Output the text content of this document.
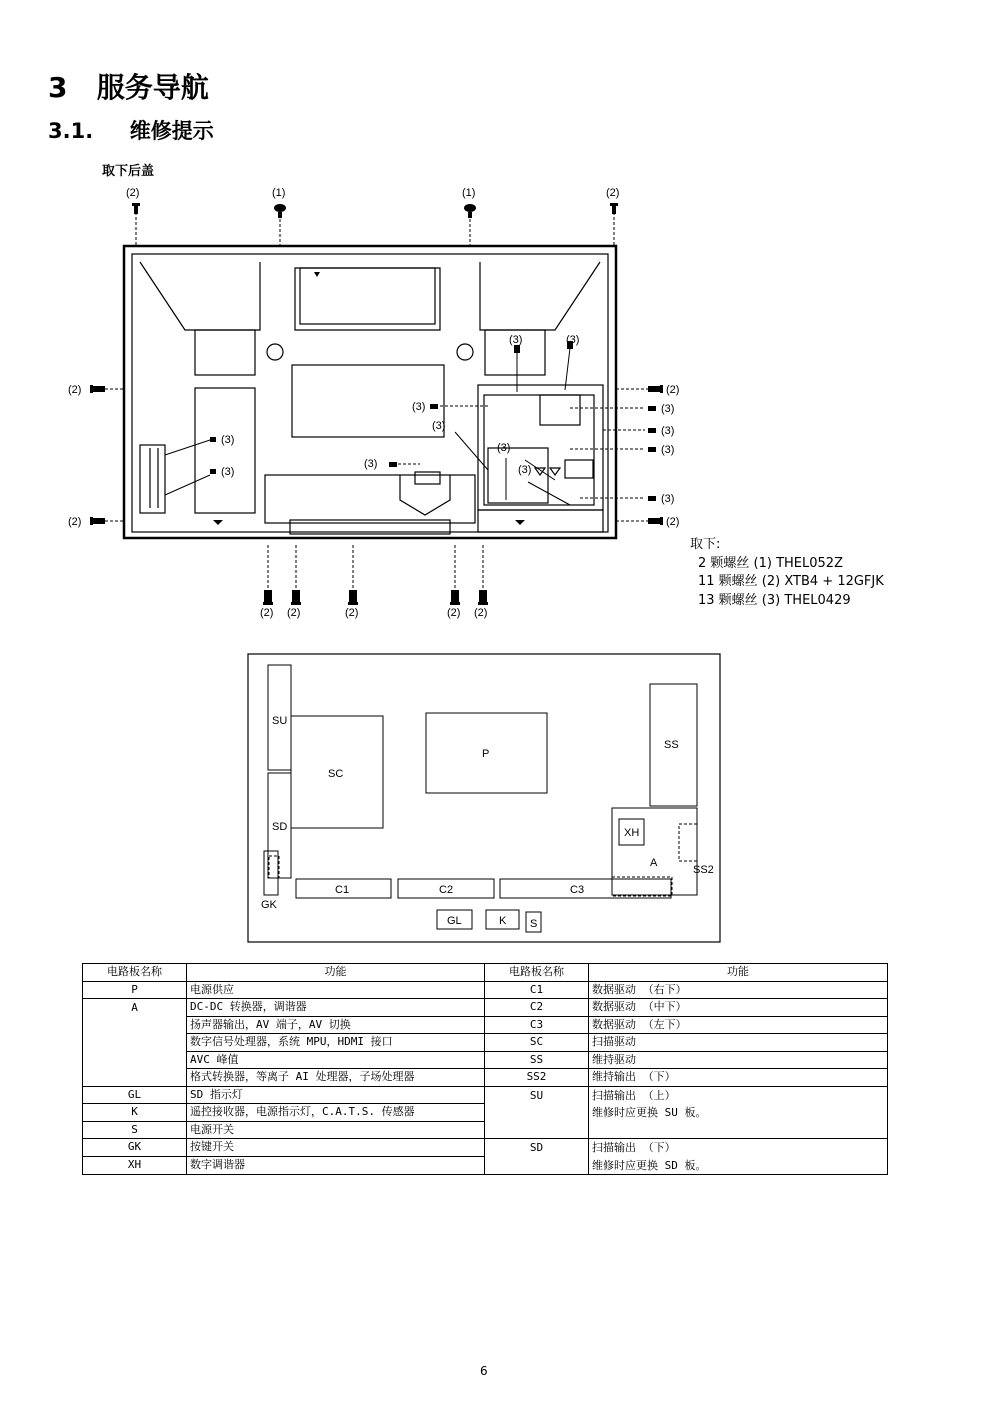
3 服务导航
3.1. 维修提示
取下后盖
(2)	(1)	(1)	(2)
(2)
(2)
(2)
(2)
(2) (2)	(2)	(2) (2)
(3)
(3)
(3)	(3)
(3)
(3)
(3)
(3)
(3)
(3)
(3)
(3)
(3)
取下:
2 颗螺丝 (1) THEL052Z
11 颗螺丝 (2) XTB4 + 12GFJK
13 颗螺丝 (3) THEL0429
SU
SD
GK
SC
P
SS
XH
A
SS2
C1	C2	C3
GL	K S
电路板名称	功能	电路板名称	功能
P	电源供应	C1	数据驱动 （右下）

A	DC-DC 转换器，调谐器	C2	数据驱动 （中下）
	扬声器输出，AV 端子，AV 切换	C3	数据驱动 （左下）
	数字信号处理器，系统 MPU，HDMI 接口	SC	扫描驱动
	AVC 峰值	SS	维持驱动
	格式转换器，等离子 AI 处理器，子场处理器	SS2	维持输出 （下）
GL	SD 指示灯	SU	扫描输出 （上）
维修时应更换 SU 板。

K	遥控接收器，电源指示灯，C.A.T.S. 传感器		
S	电源开关		
GK	按键开关	SD	扫描输出 （下）
维修时应更换 SD 板。

XH	数字调谐器		
6
